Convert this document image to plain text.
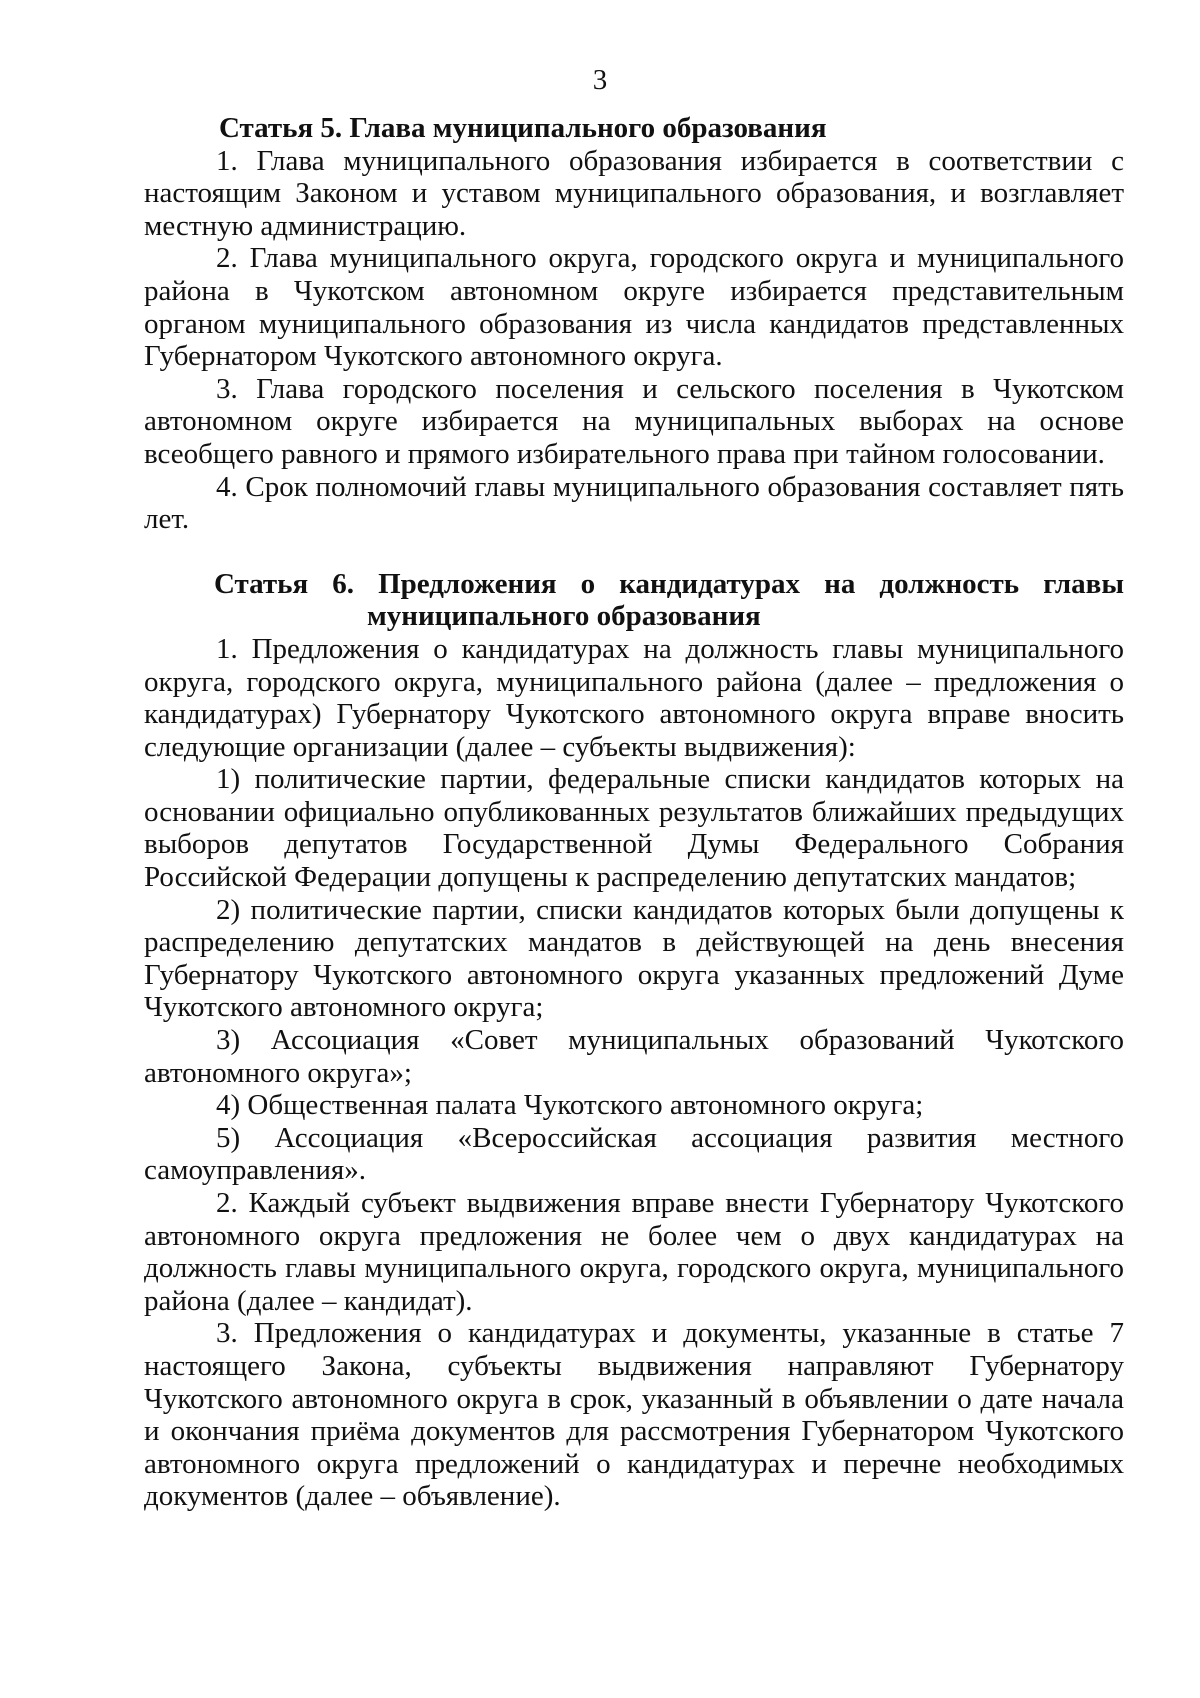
3

Статья 5. Глава муниципального образования

1. Глава муниципального образования избирается в соответствии с настоящим Законом и уставом муниципального образования, и возглавляет местную администрацию.

2. Глава муниципального округа, городского округа и муниципального района в Чукотском автономном округе избирается представительным органом муниципального образования из числа кандидатов представленных Губернатором Чукотского автономного округа.

3. Глава городского поселения и сельского поселения в Чукотском автономном округе избирается на муниципальных выборах на основе всеобщего равного и прямого избирательного права при тайном голосовании.

4. Срок полномочий главы муниципального образования составляет пять лет.

Статья 6. Предложения о кандидатурах на должность главы
муниципального образования

1. Предложения о кандидатурах на должность главы муниципального округа, городского округа, муниципального района (далее – предложения о кандидатурах) Губернатору Чукотского автономного округа вправе вносить следующие организации (далее – субъекты выдвижения):

1) политические партии, федеральные списки кандидатов которых на основании официально опубликованных результатов ближайших предыдущих выборов депутатов Государственной Думы Федерального Собрания Российской Федерации допущены к распределению депутатских мандатов;

2) политические партии, списки кандидатов которых были допущены к распределению депутатских мандатов в действующей на день внесения Губернатору Чукотского автономного округа указанных предложений Думе Чукотского автономного округа;

3) Ассоциация «Совет муниципальных образований Чукотского автономного округа»;

4) Общественная палата Чукотского автономного округа;

5) Ассоциация «Всероссийская ассоциация развития местного самоуправления».

2. Каждый субъект выдвижения вправе внести Губернатору Чукотского автономного округа предложения не более чем о двух кандидатурах на должность главы муниципального округа, городского округа, муниципального района (далее – кандидат).

3. Предложения о кандидатурах и документы, указанные в статье 7 настоящего Закона, субъекты выдвижения направляют Губернатору Чукотского автономного округа в срок, указанный в объявлении о дате начала и окончания приёма документов для рассмотрения Губернатором Чукотского автономного округа предложений о кандидатурах и перечне необходимых документов (далее – объявление).
